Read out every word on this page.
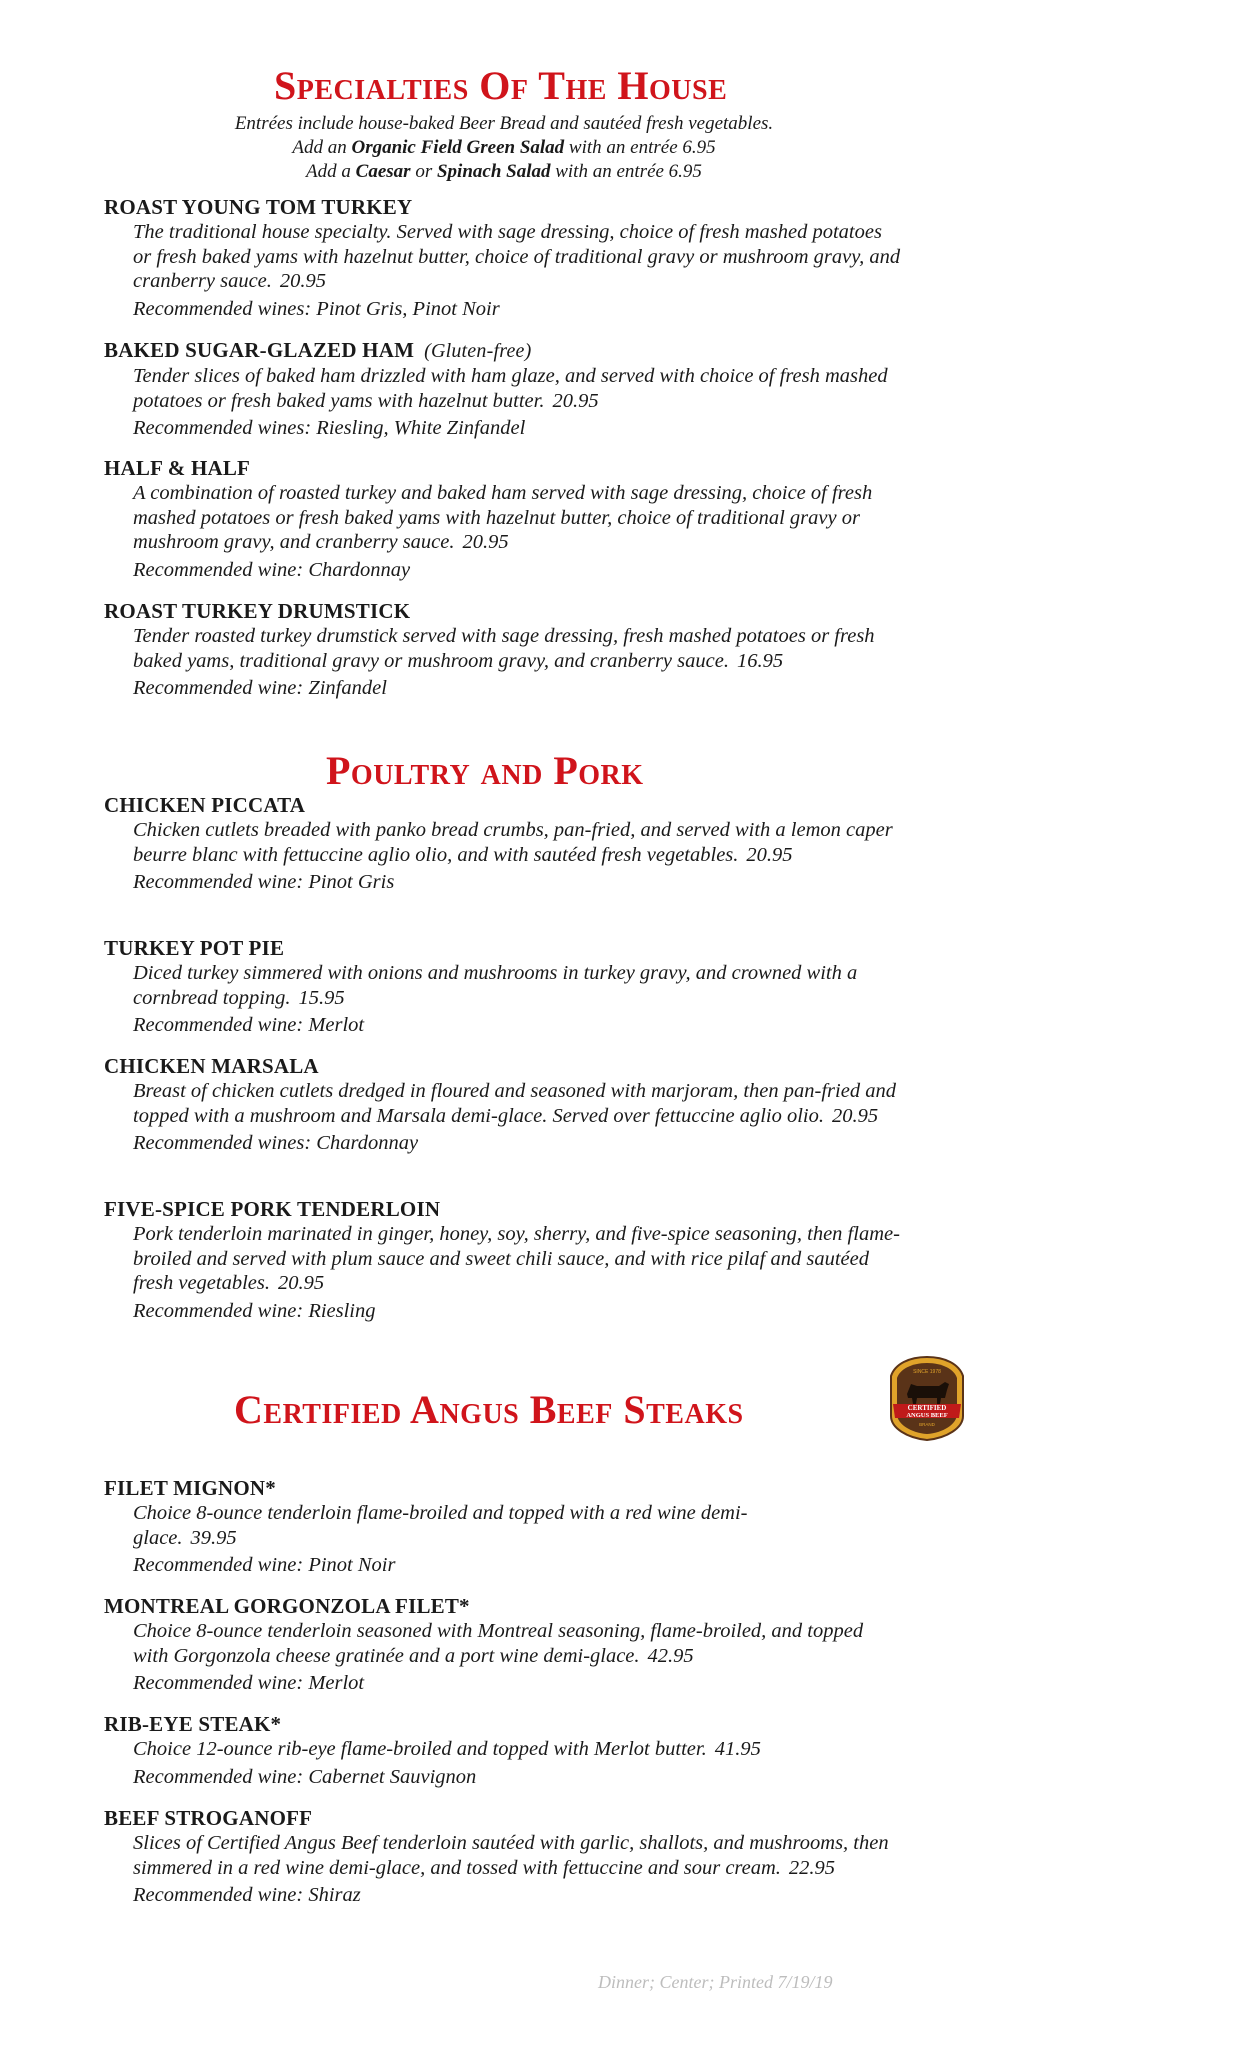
Specialties Of The House
Entrées include house-baked Beer Bread and sautéed fresh vegetables.
Add an Organic Field Green Salad with an entrée 6.95
Add a Caesar or Spinach Salad with an entrée 6.95
ROAST YOUNG TOM TURKEY
The traditional house specialty. Served with sage dressing, choice of fresh mashed potatoes or fresh baked yams with hazelnut butter, choice of traditional gravy or mushroom gravy, and cranberry sauce. 20.95
Recommended wines: Pinot Gris, Pinot Noir
BAKED SUGAR-GLAZED HAM (Gluten-free)
Tender slices of baked ham drizzled with ham glaze, and served with choice of fresh mashed potatoes or fresh baked yams with hazelnut butter. 20.95
Recommended wines: Riesling, White Zinfandel
HALF & HALF
A combination of roasted turkey and baked ham served with sage dressing, choice of fresh mashed potatoes or fresh baked yams with hazelnut butter, choice of traditional gravy or mushroom gravy, and cranberry sauce. 20.95
Recommended wine: Chardonnay
ROAST TURKEY DRUMSTICK
Tender roasted turkey drumstick served with sage dressing, fresh mashed potatoes or fresh baked yams, traditional gravy or mushroom gravy, and cranberry sauce. 16.95
Recommended wine: Zinfandel
Poultry and Pork
CHICKEN PICCATA
Chicken cutlets breaded with panko bread crumbs, pan-fried, and served with a lemon caper beurre blanc with fettuccine aglio olio, and with sautéed fresh vegetables. 20.95
Recommended wine: Pinot Gris
TURKEY POT PIE
Diced turkey simmered with onions and mushrooms in turkey gravy, and crowned with a cornbread topping. 15.95
Recommended wine: Merlot
CHICKEN MARSALA
Breast of chicken cutlets dredged in floured and seasoned with marjoram, then pan-fried and topped with a mushroom and Marsala demi-glace. Served over fettuccine aglio olio. 20.95
Recommended wines: Chardonnay
FIVE-SPICE PORK TENDERLOIN
Pork tenderloin marinated in ginger, honey, soy, sherry, and five-spice seasoning, then flame-broiled and served with plum sauce and sweet chili sauce, and with rice pilaf and sautéed fresh vegetables. 20.95
Recommended wine: Riesling
Certified Angus Beef Steaks
SINCE 1978
CERTIFIED
ANGUS BEEF
BRAND
FILET MIGNON*
Choice 8-ounce tenderloin flame-broiled and topped with a red wine demi-glace. 39.95
Recommended wine: Pinot Noir
MONTREAL GORGONZOLA FILET*
Choice 8-ounce tenderloin seasoned with Montreal seasoning, flame-broiled, and topped with Gorgonzola cheese gratinée and a port wine demi-glace. 42.95
Recommended wine: Merlot
RIB-EYE STEAK*
Choice 12-ounce rib-eye flame-broiled and topped with Merlot butter. 41.95
Recommended wine: Cabernet Sauvignon
BEEF STROGANOFF
Slices of Certified Angus Beef tenderloin sautéed with garlic, shallots, and mushrooms, then simmered in a red wine demi-glace, and tossed with fettuccine and sour cream. 22.95
Recommended wine: Shiraz
Dinner; Center; Printed 7/19/19
